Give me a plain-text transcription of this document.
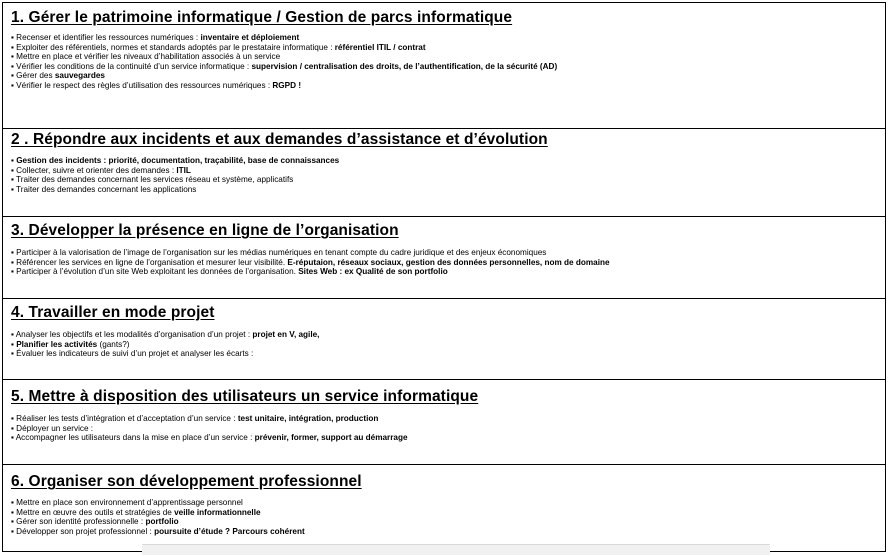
1. Gérer le patrimoine informatique / Gestion de parcs informatique
▪ Recenser et identifier les ressources numériques : inventaire et déploiement
▪ Exploiter des référentiels, normes et standards adoptés par le prestataire informatique : référentiel ITIL / contrat
▪ Mettre en place et vérifier les niveaux d’habilitation associés à un service
▪ Vérifier les conditions de la continuité d’un service informatique : supervision / centralisation des droits, de l’authentification, de la sécurité (AD)
▪ Gérer des sauvegardes
▪ Vérifier le respect des règles d’utilisation des ressources numériques : RGPD !
2 . Répondre aux incidents et aux demandes d’assistance et d’évolution
▪ Gestion des incidents : priorité, documentation, traçabilité, base de connaissances
▪ Collecter, suivre et orienter des demandes : ITIL
▪ Traiter des demandes concernant les services réseau et système, applicatifs
▪ Traiter des demandes concernant les applications
3. Développer la présence en ligne de l’organisation
▪ Participer à la valorisation de l’image de l’organisation sur les médias numériques en tenant compte du cadre juridique et des enjeux économiques
▪ Référencer les services en ligne de l’organisation et mesurer leur visibilité. E-réputaion, réseaux sociaux, gestion des données personnelles, nom de domaine
▪ Participer à l’évolution d’un site Web exploitant les données de l’organisation. Sites Web : ex Qualité de son portfolio
4. Travailler en mode projet
▪ Analyser les objectifs et les modalités d’organisation d’un projet : projet en V, agile,
▪ Planifier les activités (gants?)
▪ Évaluer les indicateurs de suivi d’un projet et analyser les écarts :
5. Mettre à disposition des utilisateurs un service informatique
▪ Réaliser les tests d’intégration et d’acceptation d’un service : test unitaire, intégration, production
▪ Déployer un service :
▪ Accompagner les utilisateurs dans la mise en place d’un service : prévenir, former, support au démarrage
6. Organiser son développement professionnel
▪ Mettre en place son environnement d’apprentissage personnel
▪ Mettre en œuvre des outils et stratégies de veille informationnelle
▪ Gérer son identité professionnelle : portfolio
▪ Développer son projet professionnel : poursuite d’étude ? Parcours cohérent
